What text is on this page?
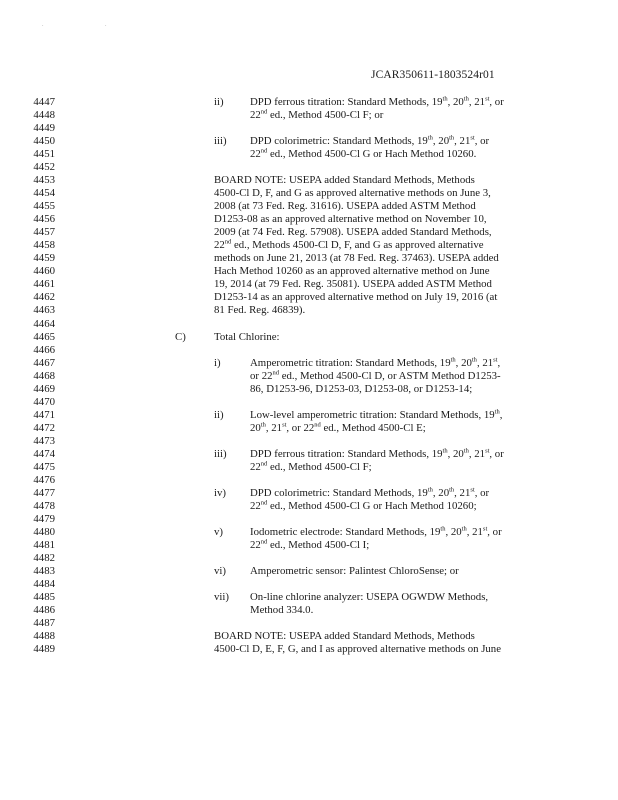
. .
JCAR350611-1803524r01
4447	ii) DPD ferrous titration: Standard Methods, 19th, 20th, 21st, or
4448	22nd ed., Method 4500-Cl F; or
4449
4450	iii) DPD colorimetric: Standard Methods, 19th, 20th, 21st, or
4451	22nd ed., Method 4500-Cl G or Hach Method 10260.
4452
4453	BOARD NOTE: USEPA added Standard Methods, Methods
4454	4500-Cl D, F, and G as approved alternative methods on June 3,
4455	2008 (at 73 Fed. Reg. 31616). USEPA added ASTM Method
4456	D1253-08 as an approved alternative method on November 10,
4457	2009 (at 74 Fed. Reg. 57908). USEPA added Standard Methods,
4458	22nd ed., Methods 4500-Cl D, F, and G as approved alternative
4459	methods on June 21, 2013 (at 78 Fed. Reg. 37463). USEPA added
4460	Hach Method 10260 as an approved alternative method on June
4461	19, 2014 (at 79 Fed. Reg. 35081). USEPA added ASTM Method
4462	D1253-14 as an approved alternative method on July 19, 2016 (at
4463	81 Fed. Reg. 46839).
4464
4465	C)	Total Chlorine:
4466
4467	i)	Amperometric titration: Standard Methods, 19th, 20th, 21st,
4468	or 22nd ed., Method 4500-Cl D, or ASTM Method D1253-
4469	86, D1253-96, D1253-03, D1253-08, or D1253-14;
4470
4471	ii) Low-level amperometric titration: Standard Methods, 19th,
4472	20th, 21st, or 22nd ed., Method 4500-Cl E;
4473
4474	iii) DPD ferrous titration: Standard Methods, 19th, 20th, 21st, or
4475	22nd ed., Method 4500-Cl F;
4476
4477	iv) DPD colorimetric: Standard Methods, 19th, 20th, 21st, or
4478	22nd ed., Method 4500-Cl G or Hach Method 10260;
4479
4480	v)	Iodometric electrode: Standard Methods, 19th, 20th, 21st, or
4481	22nd ed., Method 4500-Cl I;
4482
4483	vi) Amperometric sensor: Palintest ChloroSense; or
4484
4485	vii) On-line chlorine analyzer: USEPA OGWDW Methods,
4486	Method 334.0.
4487
4488	BOARD NOTE: USEPA added Standard Methods, Methods
4489	4500-Cl D, E, F, G, and I as approved alternative methods on June
